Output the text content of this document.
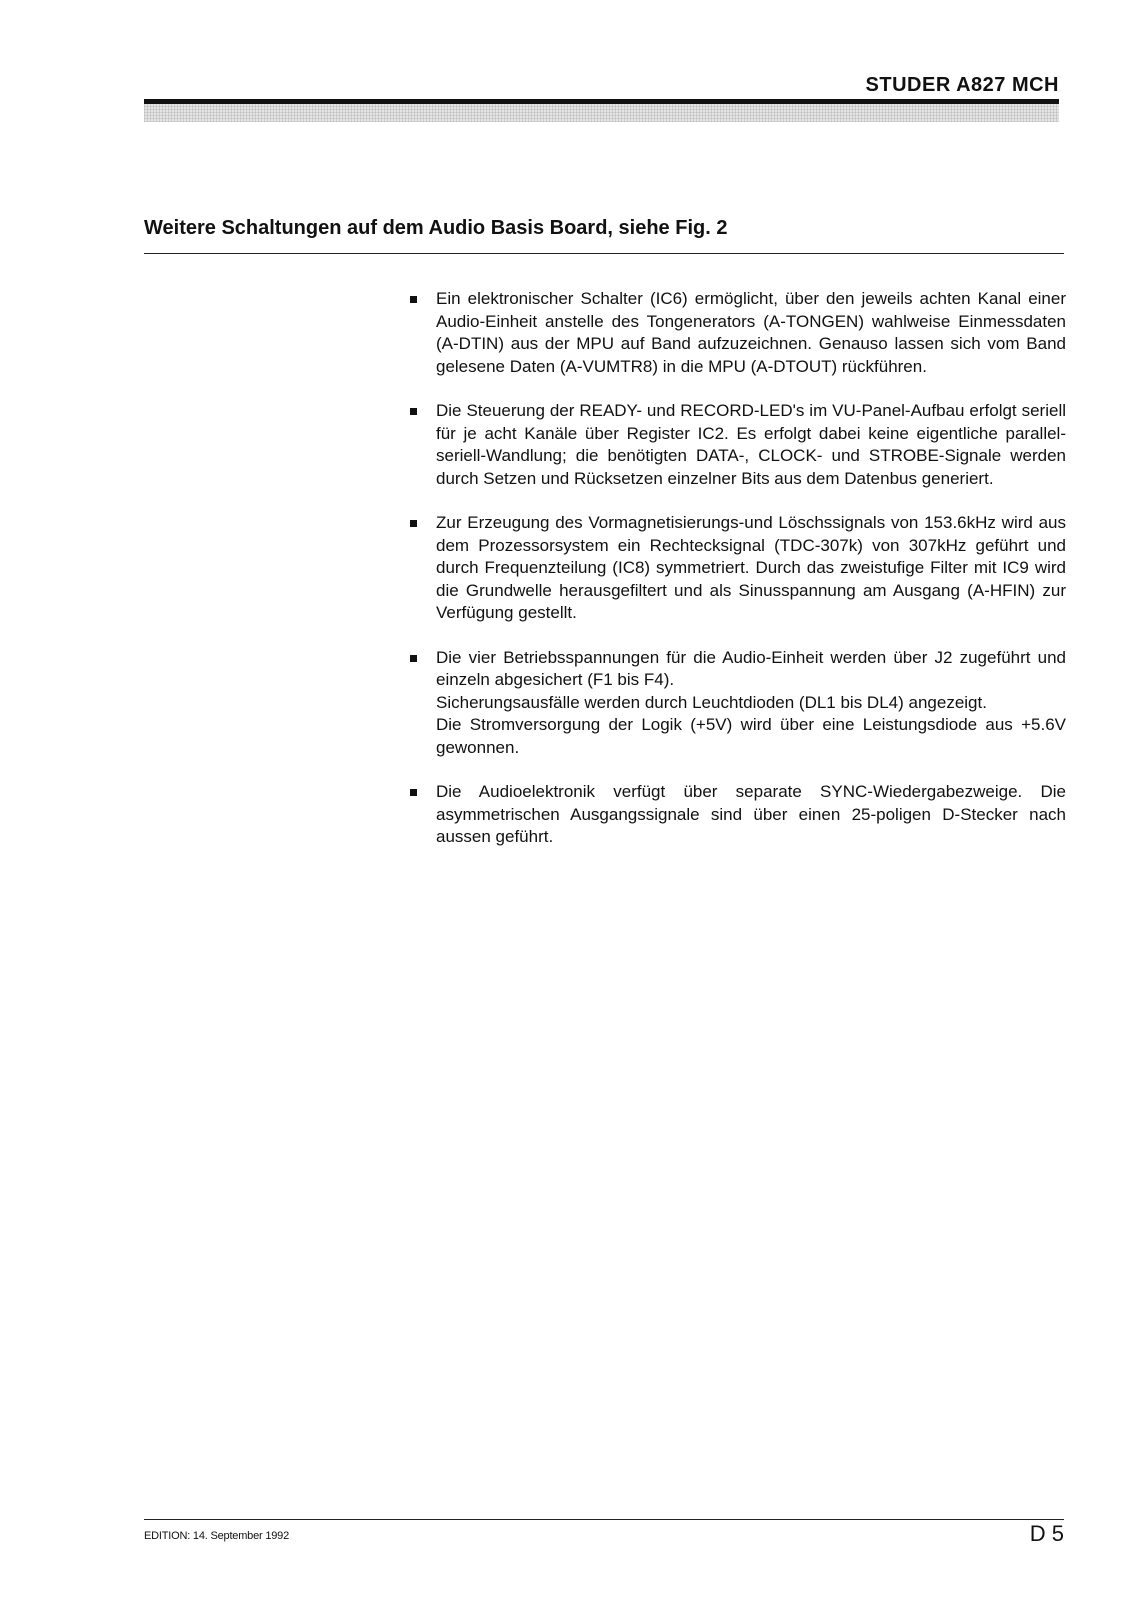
STUDER A827 MCH
Weitere Schaltungen auf dem Audio Basis Board, siehe Fig. 2
Ein elektronischer Schalter (IC6) ermöglicht, über den jeweils achten Kanal einer Audio-Einheit anstelle des Tongenerators (A-TONGEN) wahlweise Einmessdaten (A-DTIN) aus der MPU auf Band aufzuzeichnen. Genauso lassen sich vom Band gelesene Daten (A-VUMTR8) in die MPU (A-DTOUT) rückführen.
Die Steuerung der READY- und RECORD-LED's im VU-Panel-Aufbau erfolgt seriell für je acht Kanäle über Register IC2. Es erfolgt dabei keine eigentliche parallel-seriell-Wandlung; die benötigten DATA-, CLOCK- und STROBE-Signale werden durch Setzen und Rücksetzen einzelner Bits aus dem Datenbus generiert.
Zur Erzeugung des Vormagnetisierungs-und Löschssignals von 153.6kHz wird aus dem Prozessorsystem ein Rechtecksignal (TDC-307k) von 307kHz geführt und durch Frequenzteilung (IC8) symmetriert. Durch das zweistufige Filter mit IC9 wird die Grundwelle herausgefiltert und als Sinusspannung am Ausgang (A-HFIN) zur Verfügung gestellt.
Die vier Betriebsspannungen für die Audio-Einheit werden über J2 zugeführt und einzeln abgesichert (F1 bis F4).
Sicherungsausfälle werden durch Leuchtdioden (DL1 bis DL4) angezeigt.
Die Stromversorgung der Logik (+5V) wird über eine Leistungsdiode aus +5.6V gewonnen.
Die Audioelektronik verfügt über separate SYNC-Wiedergabezweige. Die asymmetrischen Ausgangssignale sind über einen 25-poligen D-Stecker nach aussen geführt.
EDITION: 14. September 1992	D 5
